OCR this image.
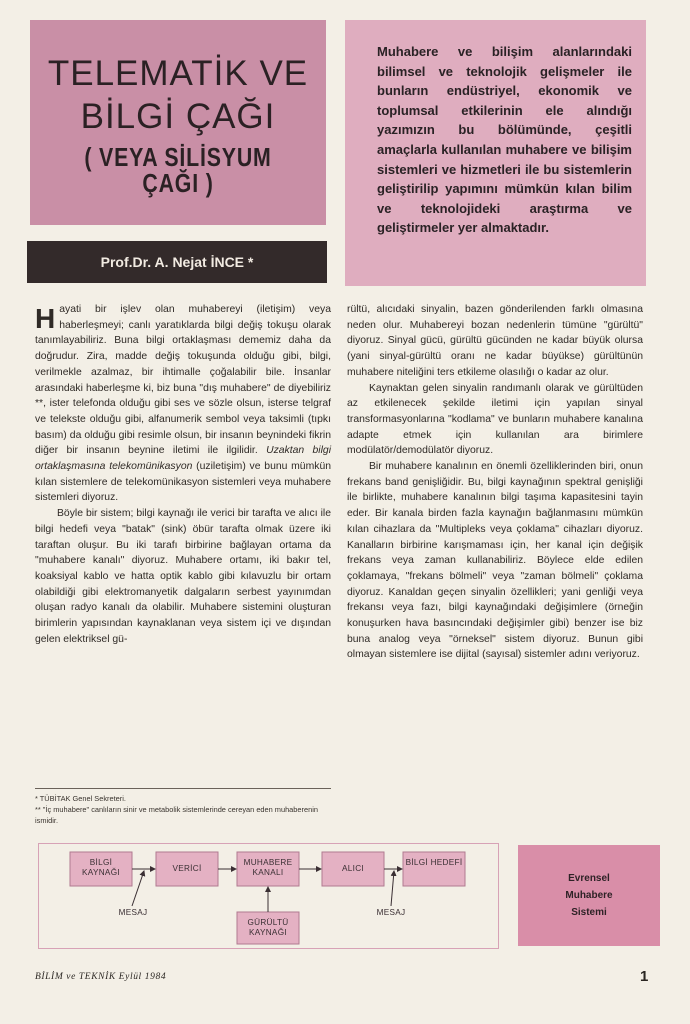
TELEMATİK VE
BİLGİ ÇAĞI
( VEYA SİLİSYUM ÇAĞI )
Prof.Dr. A. Nejat İNCE *
Muhabere ve bilişim alanlarındaki bilimsel ve teknolojik gelişmeler ile bunların endüstriyel, ekonomik ve toplumsal etkilerinin ele alındığı yazımızın bu bölümünde, çeşitli amaçlarla kullanılan muhabere ve bilişim sistemleri ve hizmetleri ile bu sistemlerin geliştirilip yapımını mümkün kılan bilim ve teknolojideki araştırma ve geliştirmeler yer almaktadır.

Hayati bir işlev olan muhabereyi (iletişim) veya haberleşmeyi; canlı yaratıklarda bilgi değiş tokuşu olarak tanımlayabiliriz. Buna bilgi ortaklaşması dememiz daha da doğrudur. Zira, madde değiş tokuşunda olduğu gibi, bilgi, verilmekle azalmaz, bir ihtimalle çoğalabilir bile. İnsanlar arasındaki haberleşme ki, biz buna "dış muhabere" de diyebiliriz **, ister telefonda olduğu gibi ses ve sözle olsun, isterse telgraf ve telekste olduğu gibi, alfanumerik sembol veya taksimli (tıpkı basım) da olduğu gibi resimle olsun, bir insanın beynindeki fikrin diğer bir insanın beynine iletimi ile ilgilidir. Uzaktan bilgi ortaklaşmasına telekomünikasyon (uziletişim) ve bunu mümkün kılan sistemlere de telekomünikasyon sistemleri veya muhabere sistemleri diyoruz.

Böyle bir sistem; bilgi kaynağı ile verici bir tarafta ve alıcı ile bilgi hedefi veya "batak" (sink) öbür tarafta olmak üzere iki taraftan oluşur. Bu iki tarafı birbirine bağlayan ortama da "muhabere kanalı" diyoruz. Muhabere ortamı, iki bakır tel, koaksiyal kablo ve hatta optik kablo gibi kılavuzlu bir ortam olabildiği gibi elektromanyetik dalgaların serbest yayınımdan oluşan radyo kanalı da olabilir. Muhabere sistemini oluşturan birimlerin yapısından kaynaklanan veya sistem içi ve dışından gelen elektriksel gü-

* TÜBİTAK Genel Sekreteri.
** "İç muhabere" canlıların sinir ve metabolik sistemlerinde cereyan eden muhaberenin ismidir.

rültü, alıcıdaki sinyalin, bazen gönderilenden farklı olmasına neden olur. Muhabereyi bozan nedenlerin tümüne "gürültü" diyoruz. Sinyal gücü, gürültü gücünden ne kadar büyük olursa (yani sinyal-gürültü oranı ne kadar büyükse) gürültünün muhabere niteliğini ters etkileme olasılığı o kadar az olur.

Kaynaktan gelen sinyalin randımanlı olarak ve gürültüden az etkilenecek şekilde iletimi için yapılan sinyal transformasyonlarına "kodlama" ve bunların muhabere kanalına adapte etmek için kullanılan ara birimlere modülatör/demodülatör diyoruz.

Bir muhabere kanalının en önemli özelliklerinden biri, onun frekans band genişliğidir. Bu, bilgi kaynağının spektral genişliği ile birlikte, muhabere kanalının bilgi taşıma kapasitesini tayin eder. Bir kanala birden fazla kaynağın bağlanmasını mümkün kılan cihazlara da "Multipleks veya çoklama" cihazları diyoruz. Kanalların birbirine karışmaması için, her kanal için değişik frekans veya zaman kullanabiliriz. Böylece elde edilen çoklamaya, "frekans bölmeli" veya "zaman bölmeli" çoklama diyoruz. Kanaldan geçen sinyalin özellikleri; yani genliği veya frekansı veya fazı, bilgi kaynağındaki değişimlere (örneğin konuşurken hava basıncındaki değişimler gibi) benzer ise biz buna analog veya "örneksel" sistem diyoruz. Bunun gibi olmayan sistemlere ise dijital (sayısal) sistemler adını veriyoruz.

BİLGİ KAYNAĞI	VERİCİ
MUHABERE KANALI	ALICI
BİLGİ HEDEFİ
GÜRÜLTÜ KAYNAĞI
MESAJ	MESAJ
Evrensel
Muhabere
Sistemi
BİLİM ve TEKNİK Eylül 1984	1
